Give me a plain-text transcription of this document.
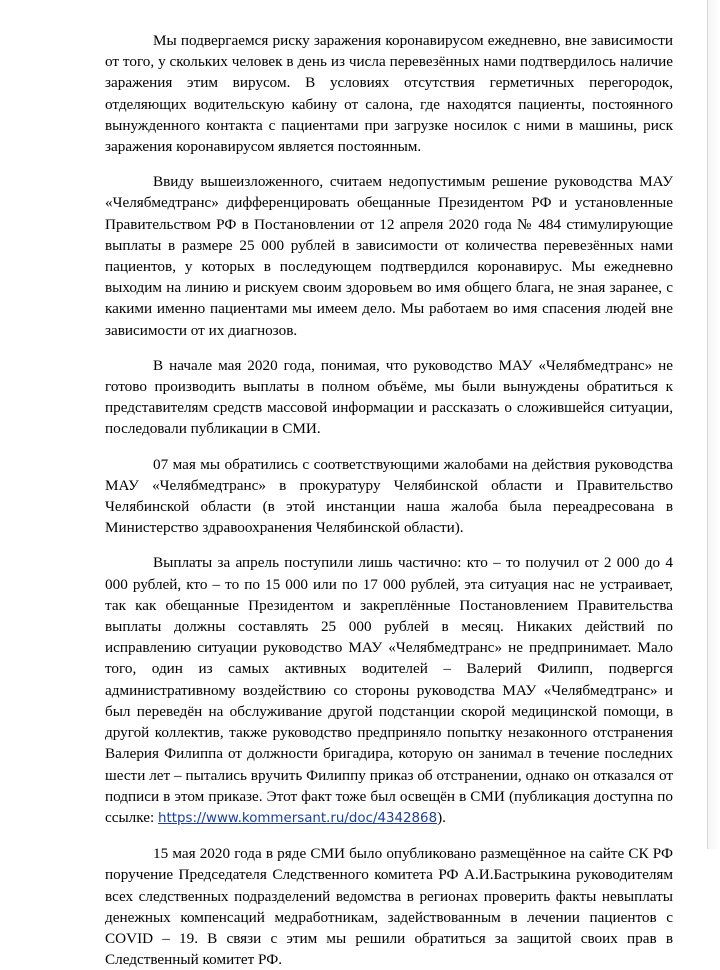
Мы подвергаемся риску заражения коронавирусом ежедневно, вне зависимости от того, у скольких человек в день из числа перевезённых нами подтвердилось наличие заражения этим вирусом. В условиях отсутствия герметичных перегородок, отделяющих водительскую кабину от салона, где находятся пациенты, постоянного вынужденного контакта с пациентами при загрузке носилок с ними в машины, риск заражения коронавирусом является постоянным.

Ввиду вышеизложенного, считаем недопустимым решение руководства МАУ «Челябмедтранс» дифференцировать обещанные Президентом РФ и установленные Правительством РФ в Постановлении от 12 апреля 2020 года № 484 стимулирующие выплаты в размере 25 000 рублей в зависимости от количества перевезённых нами пациентов, у которых в последующем подтвердился коронавирус. Мы ежедневно выходим на линию и рискуем своим здоровьем во имя общего блага, не зная заранее, с какими именно пациентами мы имеем дело. Мы работаем во имя спасения людей вне зависимости от их диагнозов.

В начале мая 2020 года, понимая, что руководство МАУ «Челябмедтранс» не готово производить выплаты в полном объёме, мы были вынуждены обратиться к представителям средств массовой информации и рассказать о сложившейся ситуации, последовали публикации в СМИ.

07 мая мы обратились с соответствующими жалобами на действия руководства МАУ «Челябмедтранс» в прокуратуру Челябинской области и Правительство Челябинской области (в этой инстанции наша жалоба была переадресована в Министерство здравоохранения Челябинской области).

Выплаты за апрель поступили лишь частично: кто – то получил от 2 000 до 4 000 рублей, кто – то по 15 000 или по 17 000 рублей, эта ситуация нас не устраивает, так как обещанные Президентом и закреплённые Постановлением Правительства выплаты должны составлять 25 000 рублей в месяц. Никаких действий по исправлению ситуации руководство МАУ «Челябмедтранс» не предпринимает. Мало того, один из самых активных водителей – Валерий Филипп, подвергся административному воздействию со стороны руководства МАУ «Челябмедтранс» и был переведён на обслуживание другой подстанции скорой медицинской помощи, в другой коллектив, также руководство предприняло попытку незаконного отстранения Валерия Филиппа от должности бригадира, которую он занимал в течение последних шести лет – пытались вручить Филиппу приказ об отстранении, однако он отказался от подписи в этом приказе. Этот факт тоже был освещён в СМИ (публикация доступна по ссылке: https://www.kommersant.ru/doc/4342868).

15 мая 2020 года в ряде СМИ было опубликовано размещённое на сайте СК РФ поручение Председателя Следственного комитета РФ А.И.Бастрыкина руководителям всех следственных подразделений ведомства в регионах проверить факты невыплаты денежных компенсаций медработникам, задействованным в лечении пациентов с COVID – 19. В связи с этим мы решили обратиться за защитой своих прав в Следственный комитет РФ.
